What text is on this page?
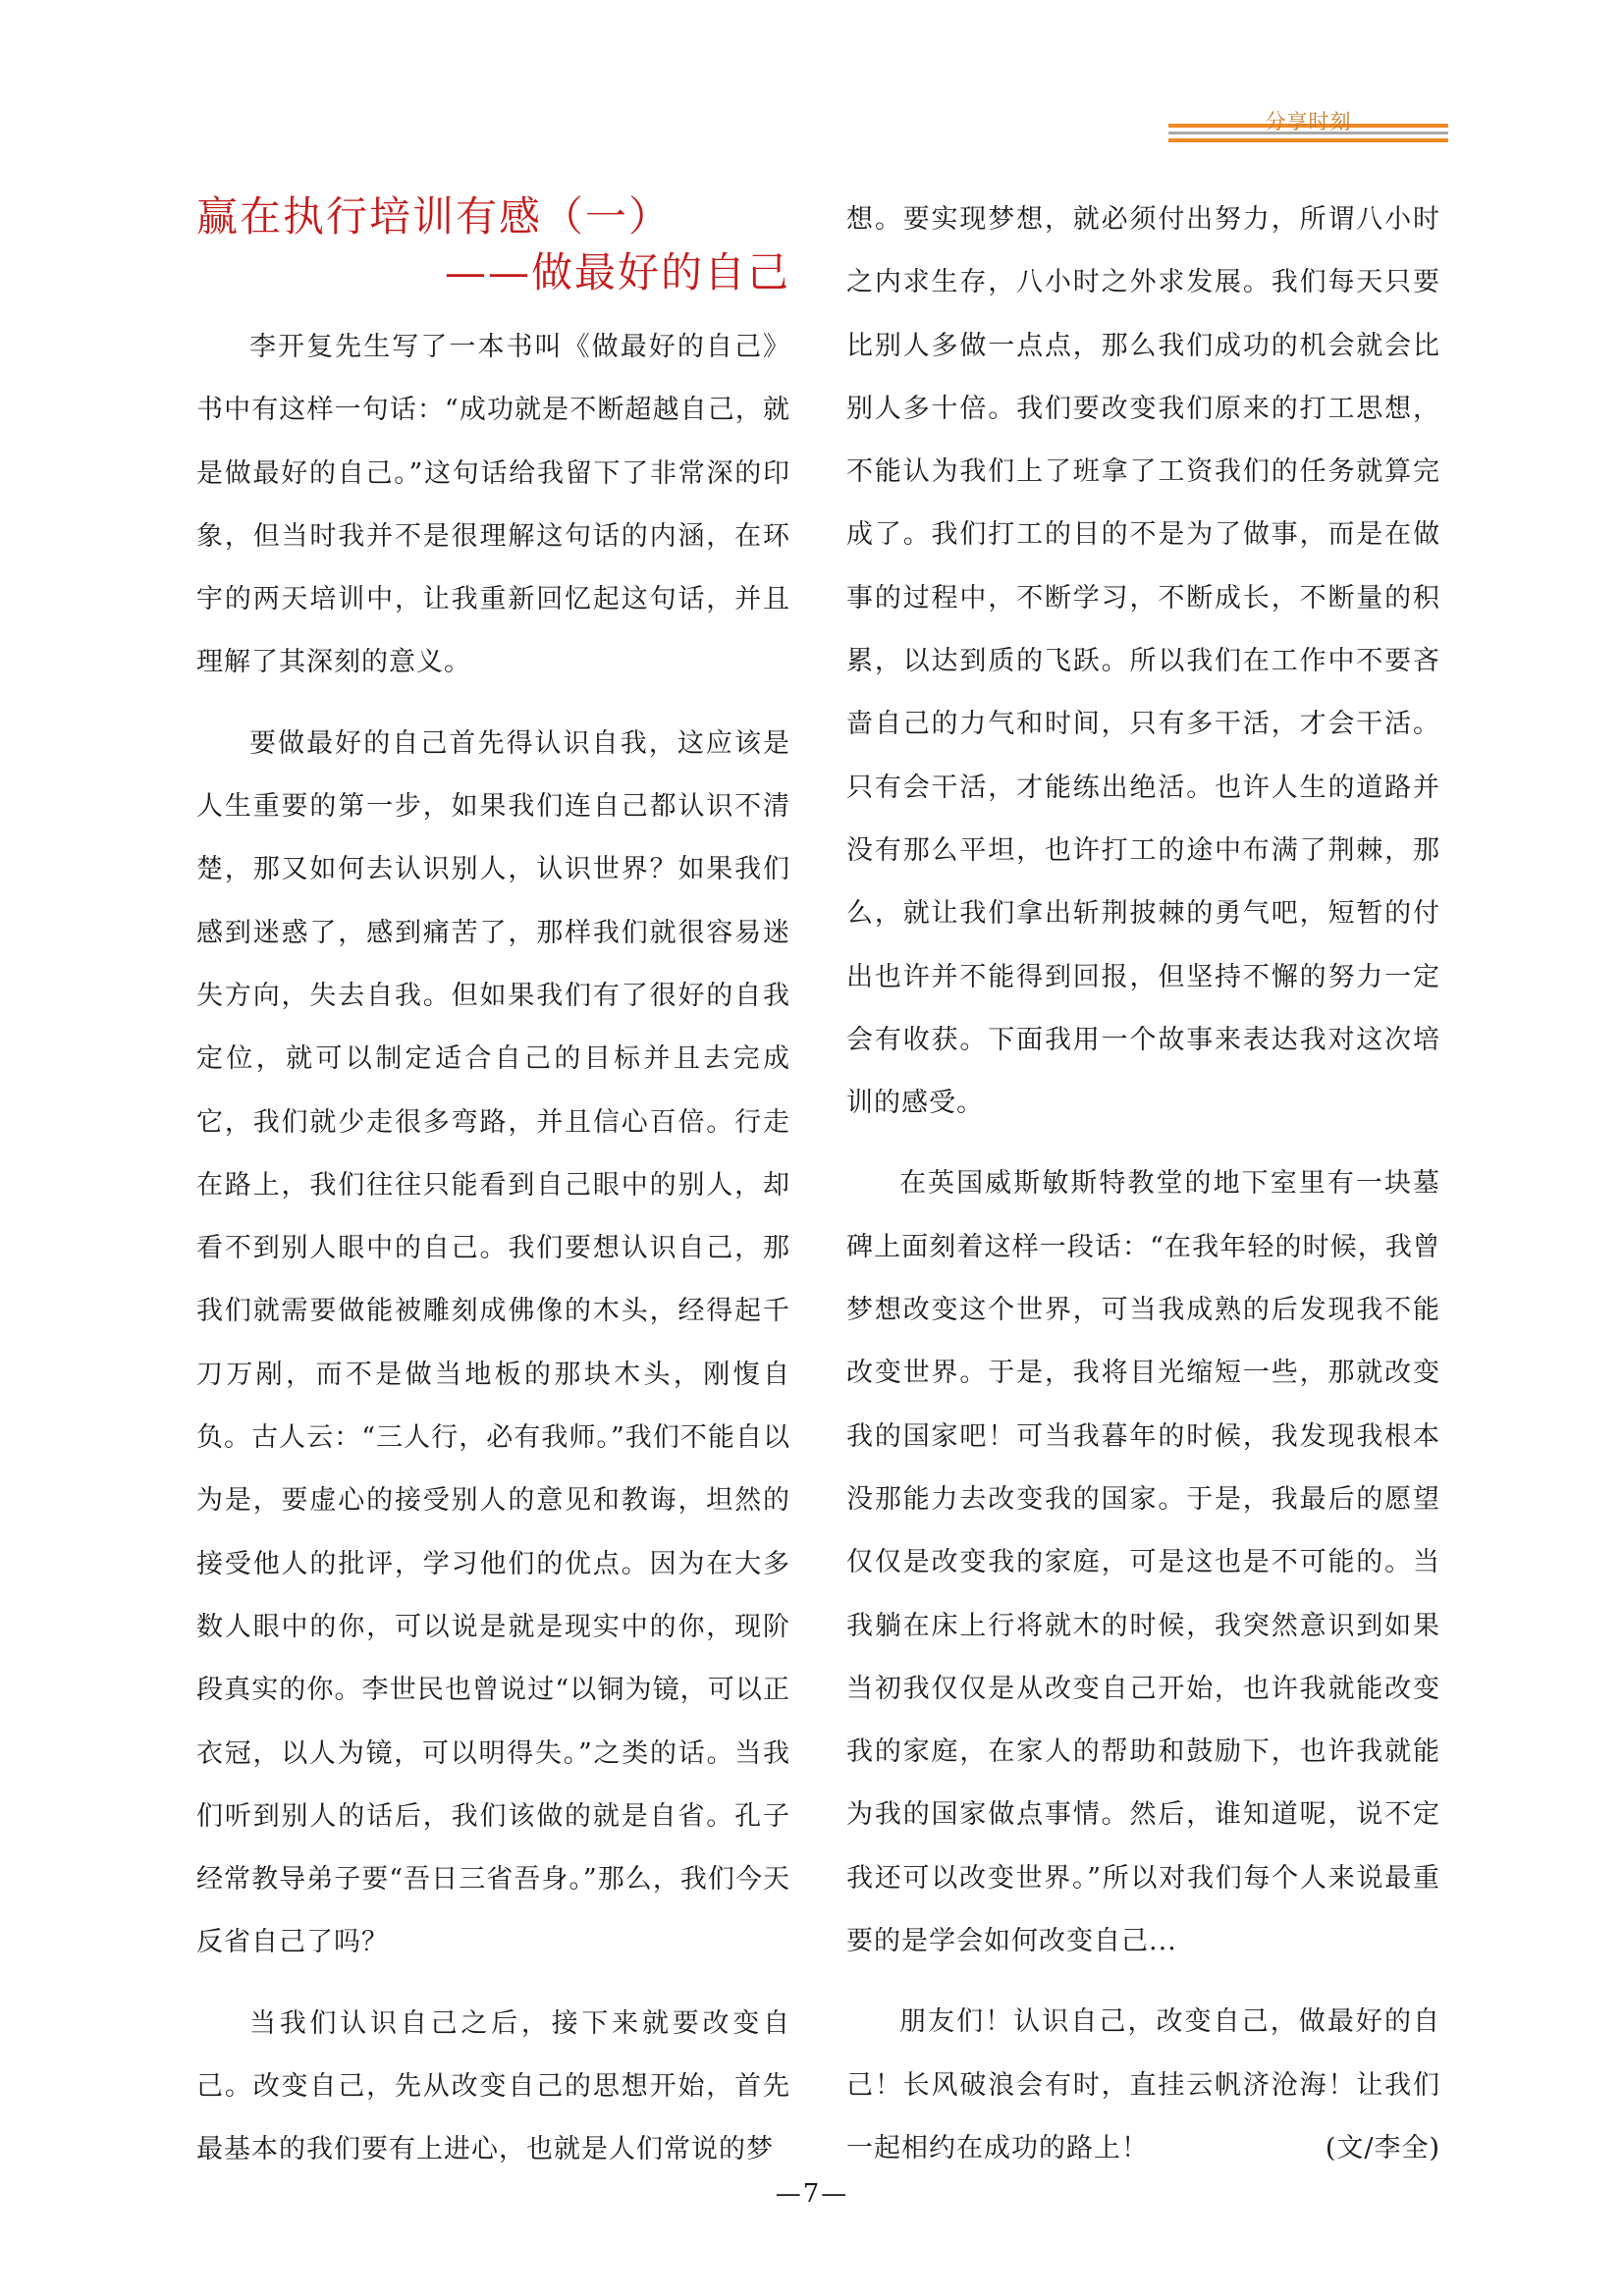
分享时刻
赢在执行培训有感（一）
——做最好的自己

李开复先生写了一本书叫《做最好的自己》书中有这样一句话：“成功就是不断超越自己，就是做最好的自己。”这句话给我留下了非常深的印象，但当时我并不是很理解这句话的内涵，在环宇的两天培训中，让我重新回忆起这句话，并且理解了其深刻的意义。

要做最好的自己首先得认识自我，这应该是人生重要的第一步，如果我们连自己都认识不清楚，那又如何去认识别人，认识世界？如果我们感到迷惑了，感到痛苦了，那样我们就很容易迷失方向，失去自我。但如果我们有了很好的自我定位，就可以制定适合自己的目标并且去完成它，我们就少走很多弯路，并且信心百倍。行走在路上，我们往往只能看到自己眼中的别人，却看不到别人眼中的自己。我们要想认识自己，那我们就需要做能被雕刻成佛像的木头，经得起千刀万剐，而不是做当地板的那块木头，刚愎自负。古人云：“三人行，必有我师。”我们不能自以为是，要虚心的接受别人的意见和教诲，坦然的接受他人的批评，学习他们的优点。因为在大多数人眼中的你，可以说是就是现实中的你，现阶段真实的你。李世民也曾说过“以铜为镜，可以正衣冠，以人为镜，可以明得失。”之类的话。当我们听到别人的话后，我们该做的就是自省。孔子经常教导弟子要“吾日三省吾身。”那么，我们今天反省自己了吗？

当我们认识自己之后，接下来就要改变自己。改变自己，先从改变自己的思想开始，首先最基本的我们要有上进心，也就是人们常说的梦

想。要实现梦想，就必须付出努力，所谓八小时之内求生存，八小时之外求发展。我们每天只要比别人多做一点点，那么我们成功的机会就会比别人多十倍。我们要改变我们原来的打工思想，不能认为我们上了班拿了工资我们的任务就算完成了。我们打工的目的不是为了做事，而是在做事的过程中，不断学习，不断成长，不断量的积累，以达到质的飞跃。所以我们在工作中不要吝啬自己的力气和时间，只有多干活，才会干活。只有会干活，才能练出绝活。也许人生的道路并没有那么平坦，也许打工的途中布满了荆棘，那么，就让我们拿出斩荆披棘的勇气吧，短暂的付出也许并不能得到回报，但坚持不懈的努力一定会有收获。下面我用一个故事来表达我对这次培训的感受。

在英国威斯敏斯特教堂的地下室里有一块墓碑上面刻着这样一段话：“在我年轻的时候，我曾梦想改变这个世界，可当我成熟的后发现我不能改变世界。于是，我将目光缩短一些，那就改变我的国家吧！可当我暮年的时候，我发现我根本没那能力去改变我的国家。于是，我最后的愿望仅仅是改变我的家庭，可是这也是不可能的。当我躺在床上行将就木的时候，我突然意识到如果当初我仅仅是从改变自己开始，也许我就能改变我的家庭，在家人的帮助和鼓励下，也许我就能为我的国家做点事情。然后，谁知道呢，说不定我还可以改变世界。”所以对我们每个人来说最重要的是学会如何改变自己...

朋友们！认识自己，改变自己，做最好的自己！长风破浪会有时，直挂云帆济沧海！让我们一起相约在成功的路上！	(文/李全)

—7—
